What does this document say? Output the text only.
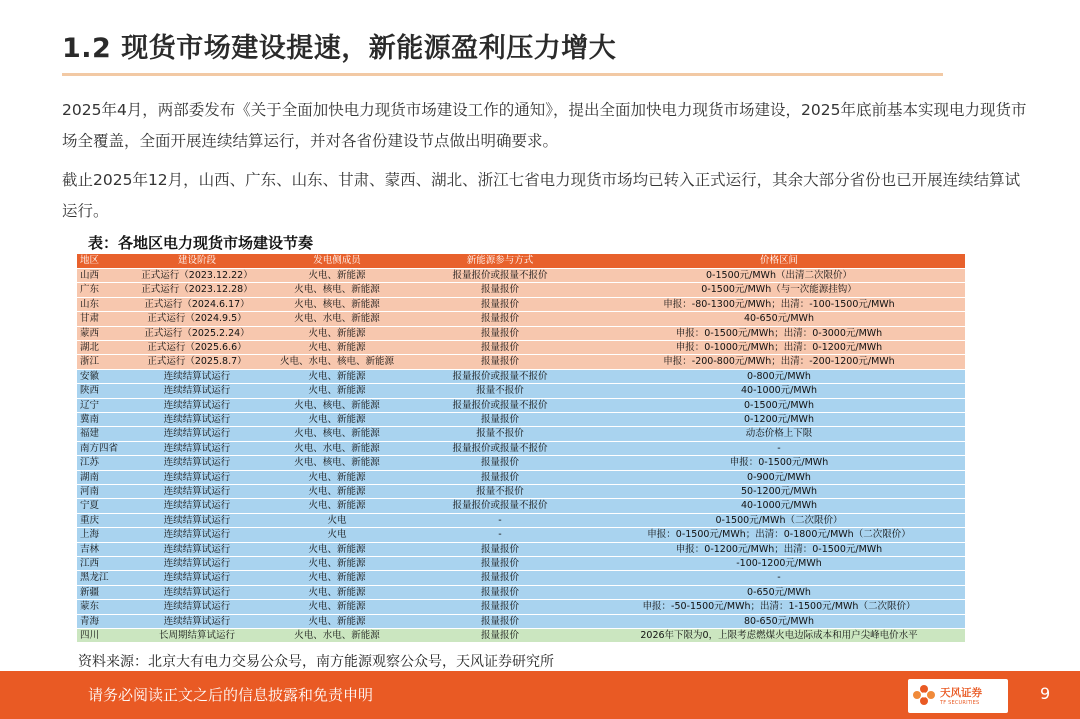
1.2 现货市场建设提速，新能源盈利压力增大
2025年4月，两部委发布《关于全面加快电力现货市场建设工作的通知》，提出全面加快电力现货市场建设，2025年底前基本实现电力现货市场全覆盖，全面开展连续结算运行，并对各省份建设节点做出明确要求。
截止2025年12月，山西、广东、山东、甘肃、蒙西、湖北、浙江七省电力现货市场均已转入正式运行，其余大部分省份也已开展连续结算试运行。
表：各地区电力现货市场建设节奏
地区	建设阶段	发电侧成员	新能源参与方式	价格区间
山西	正式运行（2023.12.22）	火电、新能源	报量报价或报量不报价	0-1500元/MWh（出清二次限价）
广东	正式运行（2023.12.28）	火电、核电、新能源	报量报价	0-1500元/MWh（与一次能源挂钩）
山东	正式运行（2024.6.17）	火电、核电、新能源	报量报价	申报：-80-1300元/MWh；出清：-100-1500元/MWh
甘肃	正式运行（2024.9.5）	火电、水电、新能源	报量报价	40-650元/MWh
蒙西	正式运行（2025.2.24）	火电、新能源	报量报价	申报：0-1500元/MWh；出清：0-3000元/MWh
湖北	正式运行（2025.6.6）	火电、新能源	报量报价	申报：0-1000元/MWh；出清：0-1200元/MWh
浙江	正式运行（2025.8.7）	火电、水电、核电、新能源	报量报价	申报：-200-800元/MWh；出清：-200-1200元/MWh
安徽	连续结算试运行	火电、新能源	报量报价或报量不报价	0-800元/MWh
陕西	连续结算试运行	火电、新能源	报量不报价	40-1000元/MWh
辽宁	连续结算试运行	火电、核电、新能源	报量报价或报量不报价	0-1500元/MWh
冀南	连续结算试运行	火电、新能源	报量报价	0-1200元/MWh
福建	连续结算试运行	火电、核电、新能源	报量不报价	动态价格上下限
南方四省	连续结算试运行	火电、水电、新能源	报量报价或报量不报价	-
江苏	连续结算试运行	火电、核电、新能源	报量报价	申报：0-1500元/MWh
湖南	连续结算试运行	火电、新能源	报量报价	0-900元/MWh
河南	连续结算试运行	火电、新能源	报量不报价	50-1200元/MWh
宁夏	连续结算试运行	火电、新能源	报量报价或报量不报价	40-1000元/MWh
重庆	连续结算试运行	火电	-	0-1500元/MWh（二次限价）
上海	连续结算试运行	火电	-	申报：0-1500元/MWh；出清：0-1800元/MWh（二次限价）
吉林	连续结算试运行	火电、新能源	报量报价	申报：0-1200元/MWh；出清：0-1500元/MWh
江西	连续结算试运行	火电、新能源	报量报价	-100-1200元/MWh
黑龙江	连续结算试运行	火电、新能源	报量报价	-
新疆	连续结算试运行	火电、新能源	报量报价	0-650元/MWh
蒙东	连续结算试运行	火电、新能源	报量报价	申报：-50-1500元/MWh；出清：1-1500元/MWh（二次限价）
青海	连续结算试运行	火电、新能源	报量报价	80-650元/MWh
四川	长周期结算试运行	火电、水电、新能源	报量报价	2026年下限为0，上限考虑燃煤火电边际成本和用户尖峰电价水平
资料来源：北京大有电力交易公众号，南方能源观察公众号，天风证券研究所
请务必阅读正文之后的信息披露和免责申明	天风证券
TF SECURITIES	9
